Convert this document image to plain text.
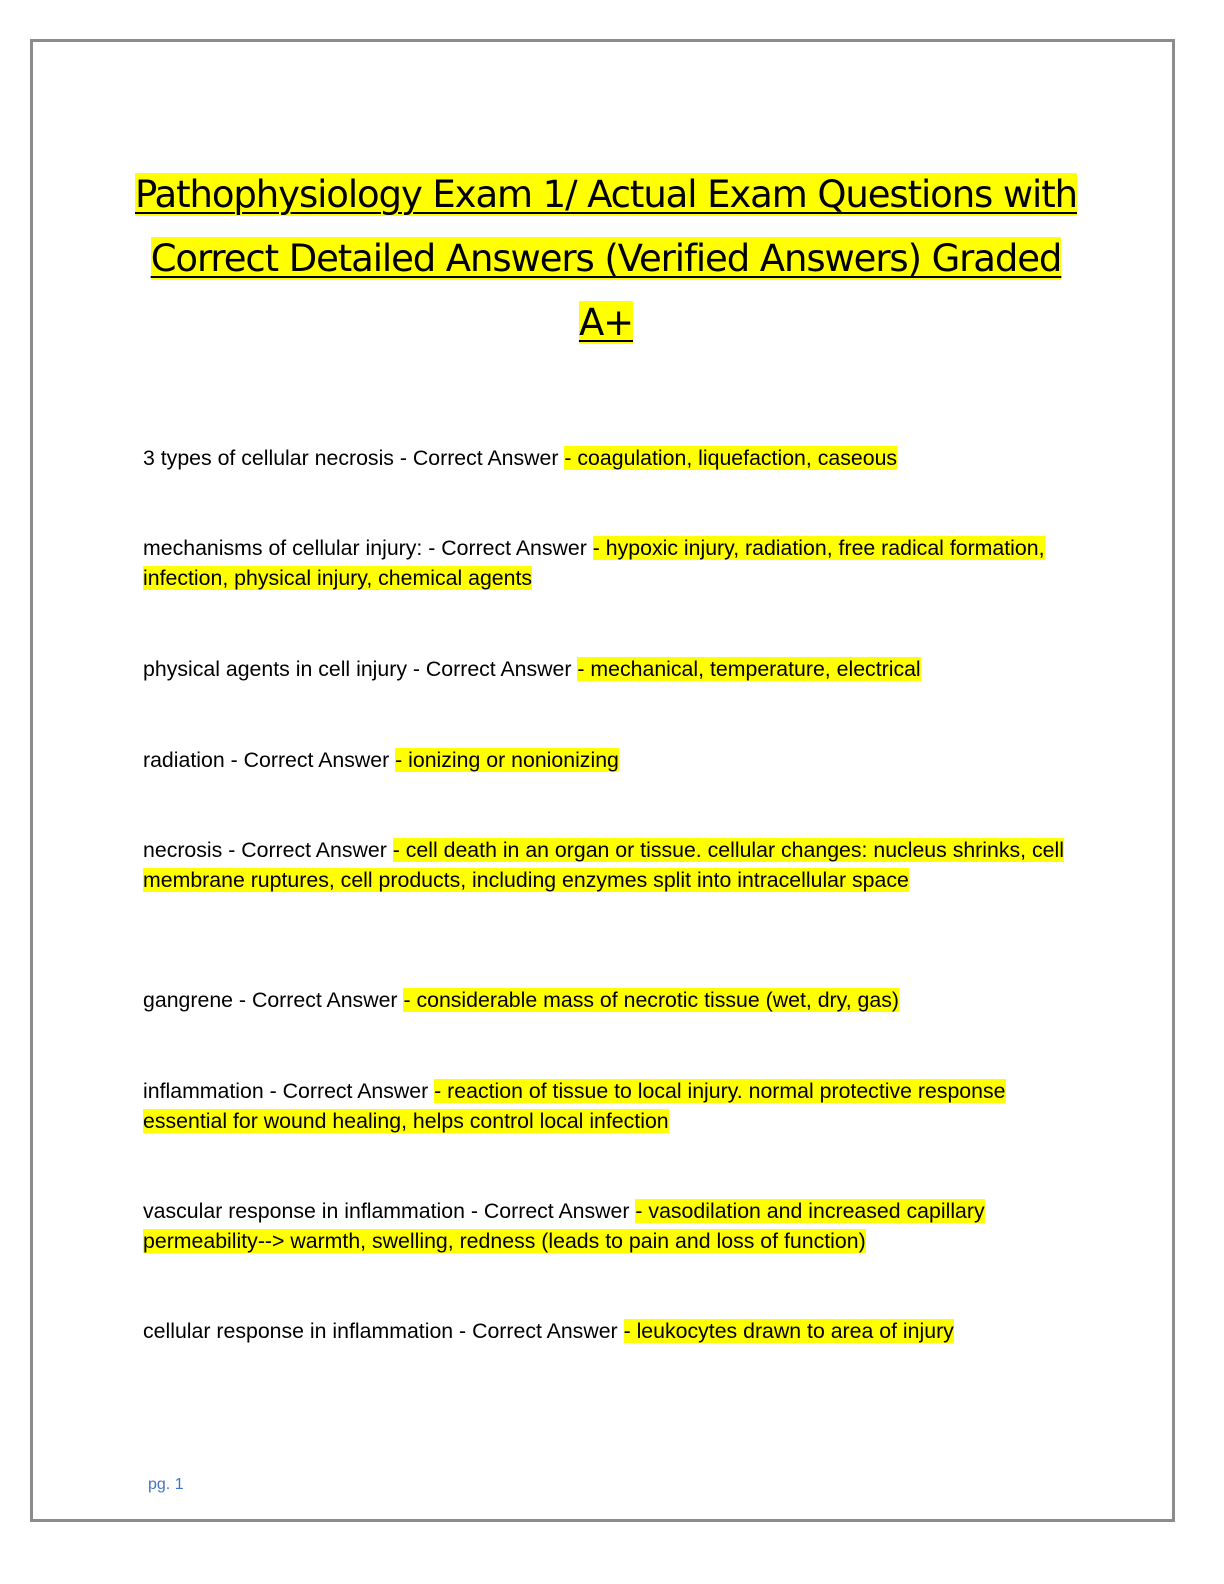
Pathophysiology Exam 1/ Actual Exam Questions with Correct Detailed Answers (Verified Answers) Graded A+

3 types of cellular necrosis - Correct Answer - coagulation, liquefaction, caseous

mechanisms of cellular injury: - Correct Answer - hypoxic injury, radiation, free radical formation, infection, physical injury, chemical agents

physical agents in cell injury - Correct Answer - mechanical, temperature, electrical

radiation - Correct Answer - ionizing or nonionizing

necrosis - Correct Answer - cell death in an organ or tissue. cellular changes: nucleus shrinks, cell membrane ruptures, cell products, including enzymes split into intracellular space

gangrene - Correct Answer - considerable mass of necrotic tissue (wet, dry, gas)

inflammation - Correct Answer - reaction of tissue to local injury. normal protective response essential for wound healing, helps control local infection

vascular response in inflammation - Correct Answer - vasodilation and increased capillary permeability--> warmth, swelling, redness (leads to pain and loss of function)

cellular response in inflammation - Correct Answer - leukocytes drawn to area of injury

pg. 1
